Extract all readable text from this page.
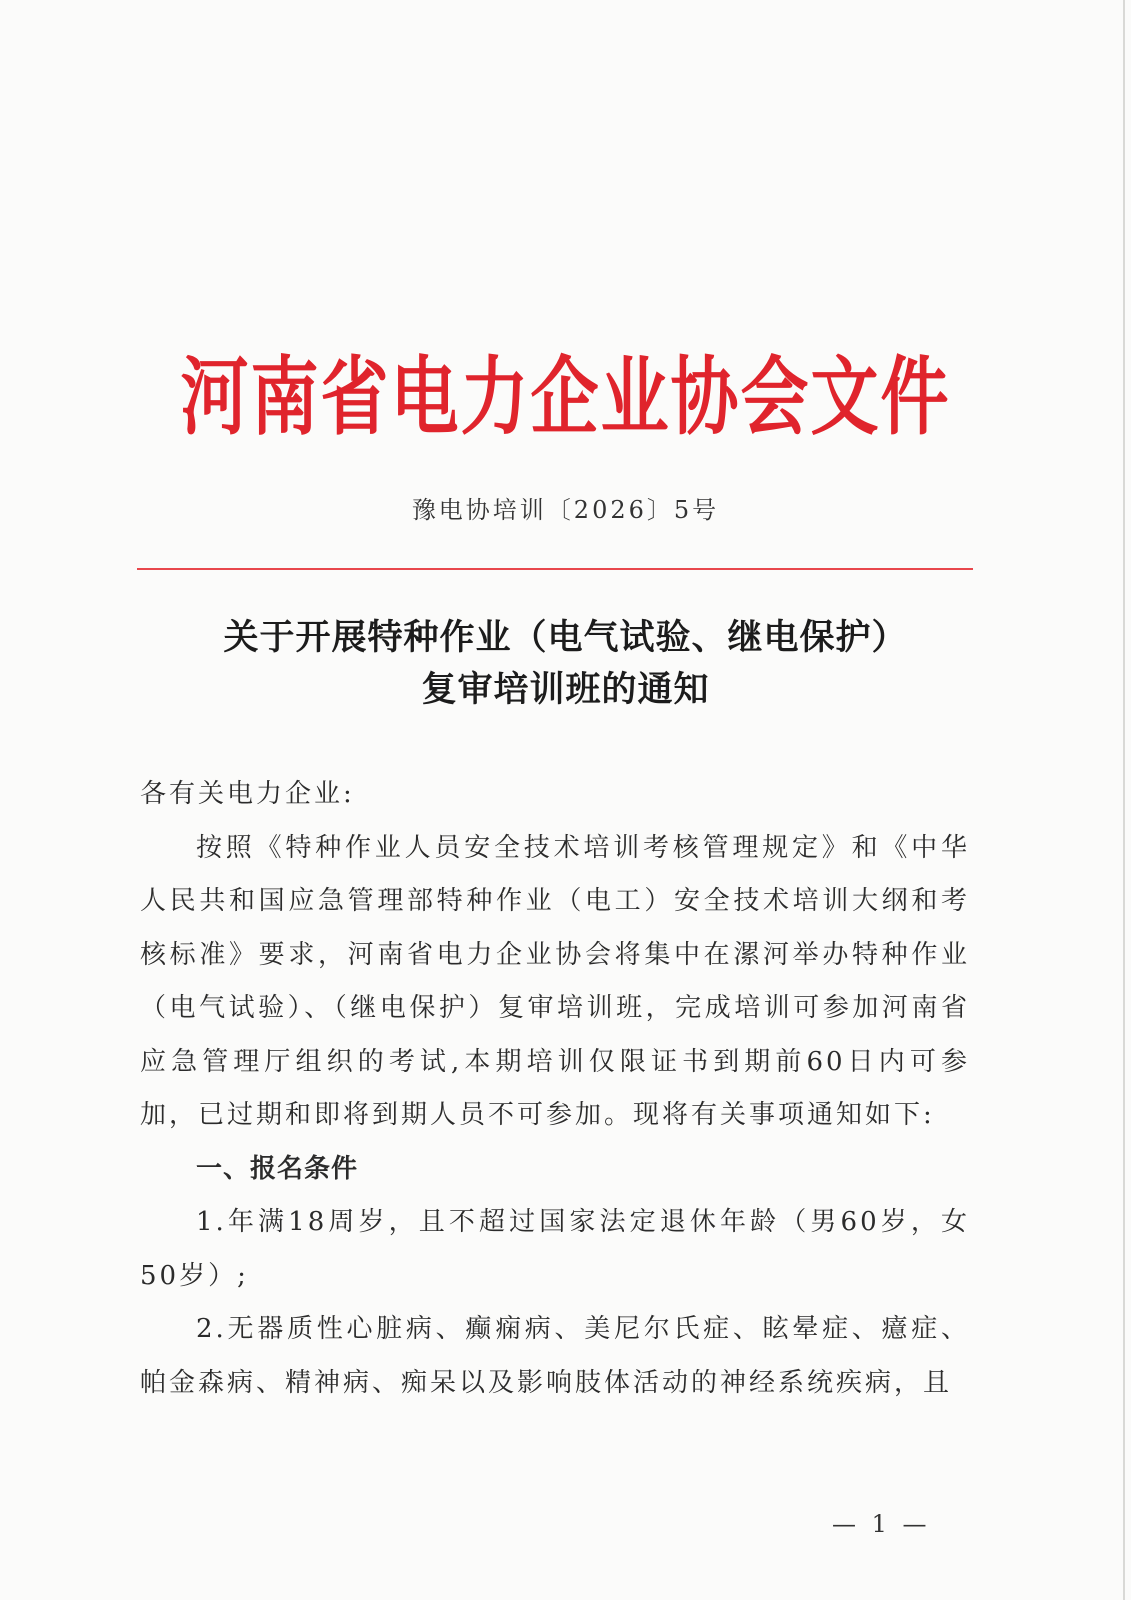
河南省电力企业协会文件
豫电协培训〔2026〕5号
关于开展特种作业（电气试验、继电保护）
复审培训班的通知

各有关电力企业:

按照《特种作业人员安全技术培训考核管理规定》和《中华人民共和国应急管理部特种作业（电工）安全技术培训大纲和考核标准》要求，河南省电力企业协会将集中在漯河举办特种作业（电气试验）、（继电保护）复审培训班，完成培训可参加河南省应急管理厅组织的考试,本期培训仅限证书到期前60日内可参加，已过期和即将到期人员不可参加。现将有关事项通知如下:

一、报名条件

1.年满18周岁，且不超过国家法定退休年龄（男60岁，女50岁）;

2.无器质性心脏病、癫痫病、美尼尔氏症、眩晕症、癔症、帕金森病、精神病、痴呆以及影响肢体活动的神经系统疾病，且

— 1 —
